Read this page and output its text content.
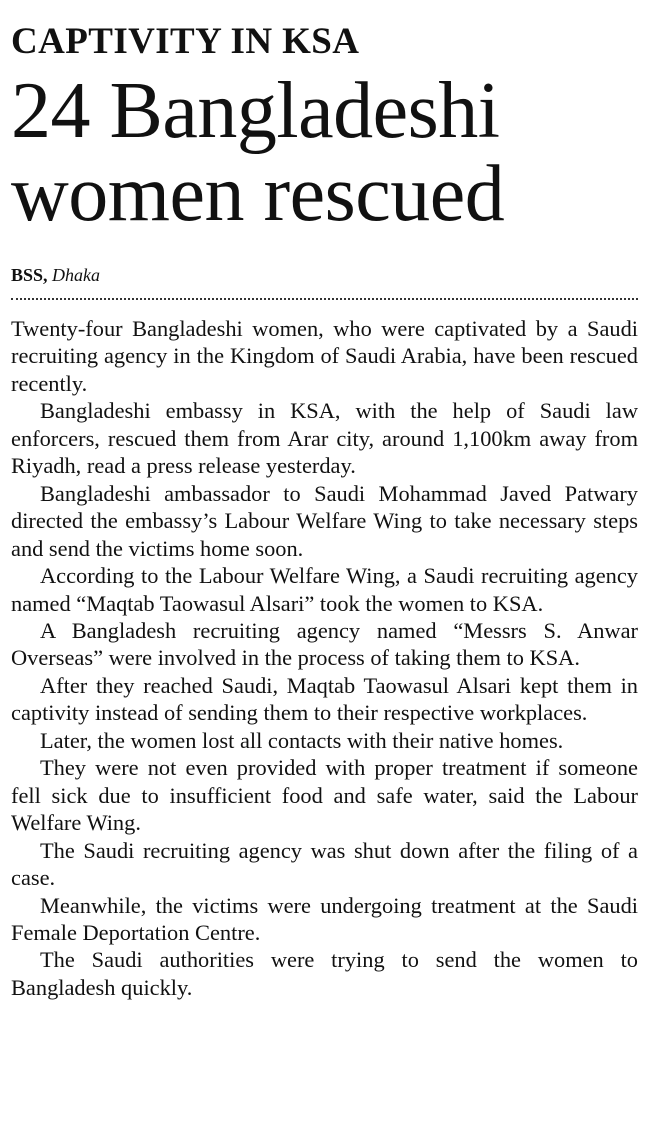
CAPTIVITY IN KSA
24 Bangladeshi
women rescued
BSS, Dhaka

Twenty-four Bangladeshi women, who were captivated by a Saudi recruiting agency in the Kingdom of Saudi Arabia, have been rescued recently.

Bangladeshi embassy in KSA, with the help of Saudi law enforcers, rescued them from Arar city, around 1,100km away from Riyadh, read a press release yesterday.

Bangladeshi ambassador to Saudi Mohammad Javed Patwary directed the embassy’s Labour Welfare Wing to take necessary steps and send the victims home soon.

According to the Labour Welfare Wing, a Saudi recruiting agency named “Maqtab Taowasul Alsari” took the women to KSA.

A Bangladesh recruiting agency named “Messrs S. Anwar Overseas” were involved in the process of taking them to KSA.

After they reached Saudi, Maqtab Taowasul Alsari kept them in captivity instead of sending them to their respective workplaces.

Later, the women lost all contacts with their native homes.

They were not even provided with proper treatment if someone fell sick due to insufficient food and safe water, said the Labour Welfare Wing.

The Saudi recruiting agency was shut down after the filing of a case.

Meanwhile, the victims were undergoing treatment at the Saudi Female Deportation Centre.

The Saudi authorities were trying to send the women to Bangladesh quickly.
